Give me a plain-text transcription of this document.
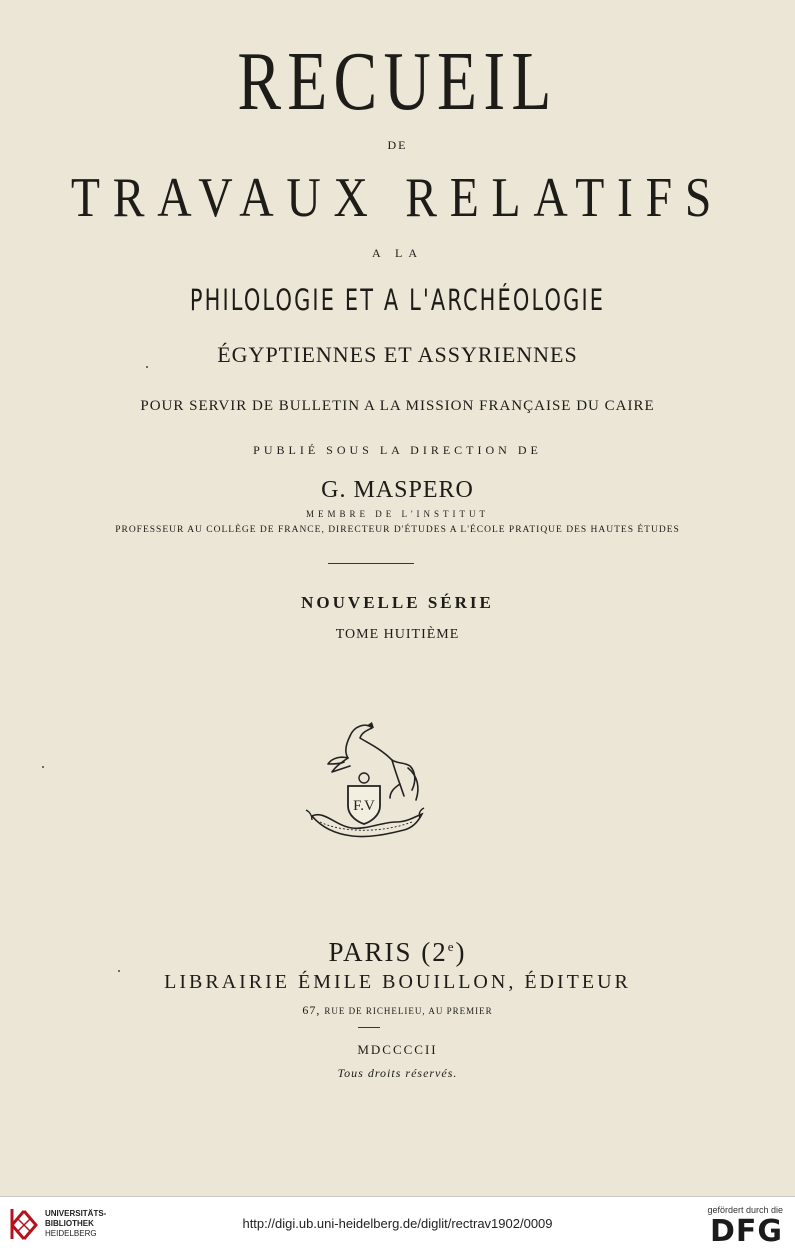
RECUEIL
DE
TRAVAUX RELATIFS
A LA
PHILOLOGIE ET A L'ARCHÉOLOGIE
ÉGYPTIENNES ET ASSYRIENNES
POUR SERVIR DE BULLETIN A LA MISSION FRANÇAISE DU CAIRE
PUBLIÉ SOUS LA DIRECTION DE
G. MASPERO
MEMBRE DE L'INSTITUT
PROFESSEUR AU COLLÈGE DE FRANCE, DIRECTEUR D'ÉTUDES A L'ÉCOLE PRATIQUE DES HAUTES ÉTUDES
NOUVELLE SÉRIE
TOME HUITIÈME
F.V
PARIS (2e)
LIBRAIRIE ÉMILE BOUILLON, ÉDITEUR
67, RUE DE RICHELIEU, AU PREMIER
MDCCCCII
Tous droits réservés.
UNIVERSITÄTS-
BIBLIOTHEK
HEIDELBERG
http://digi.ub.uni-heidelberg.de/diglit/rectrav1902/0009
gefördert durch die
DFG
